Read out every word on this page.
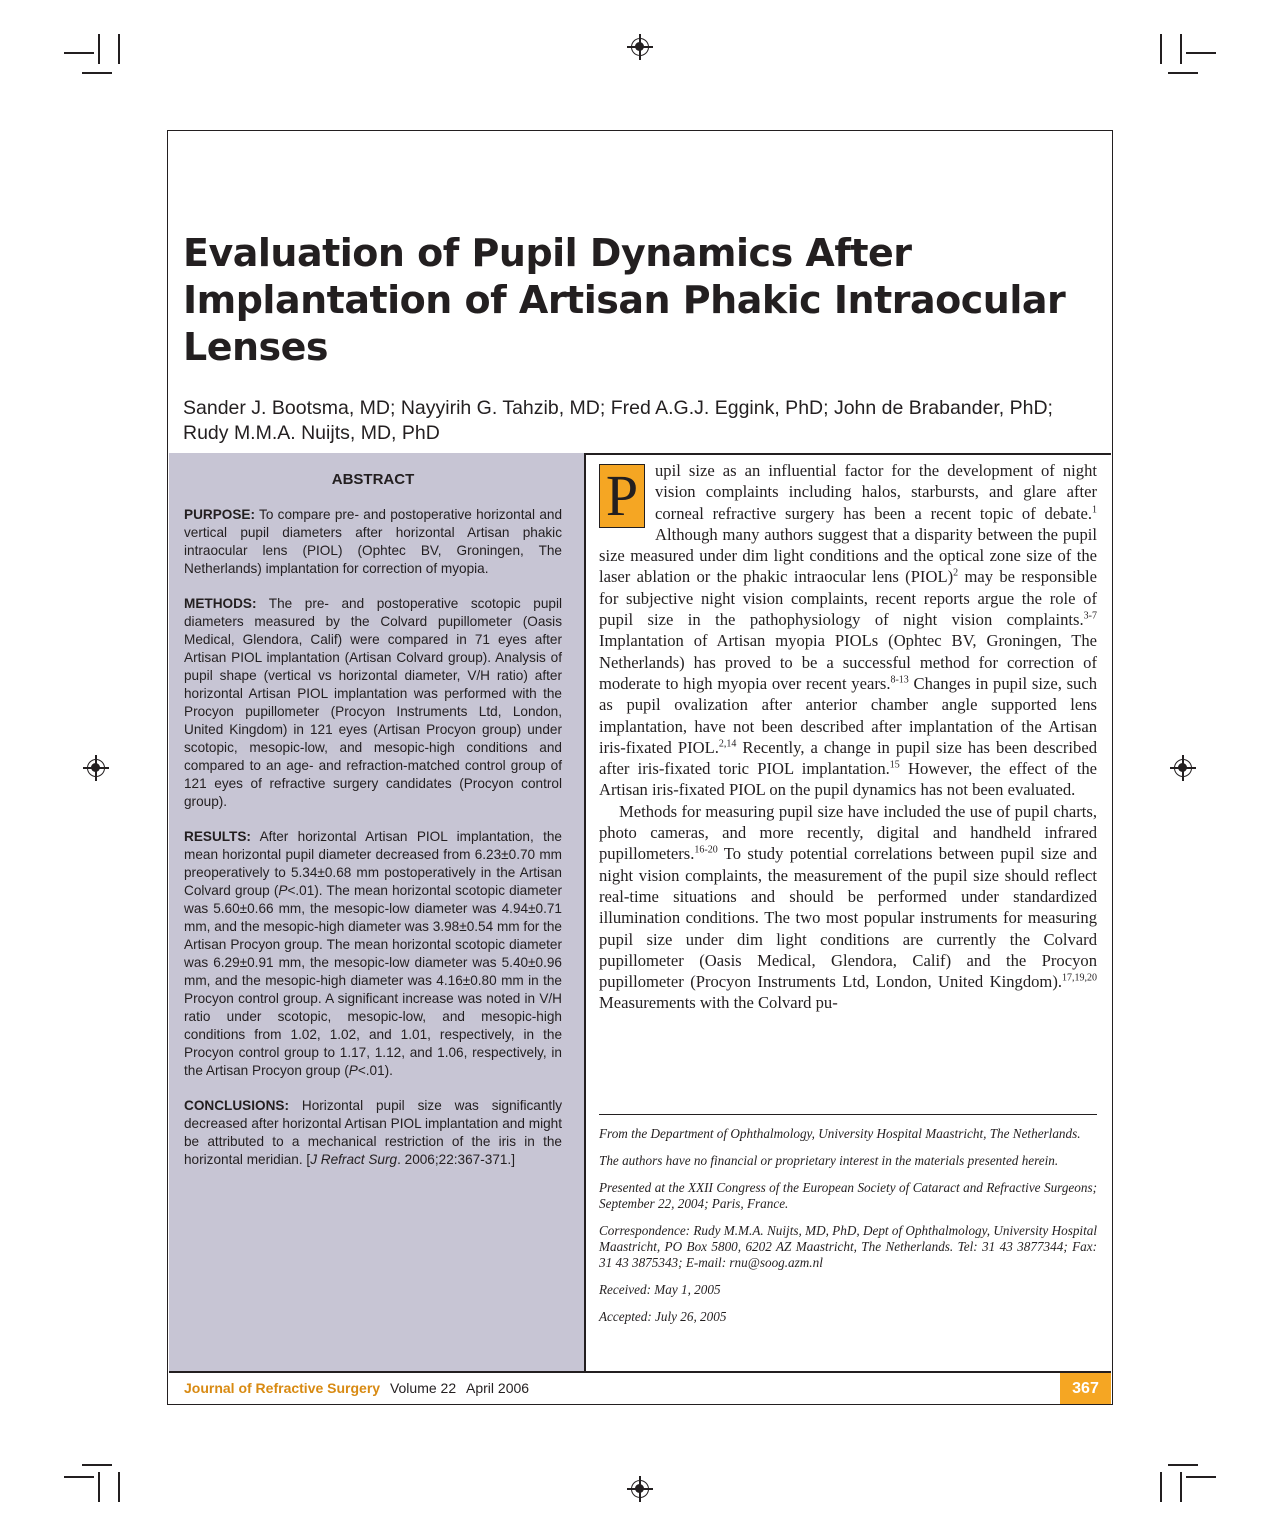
Evaluation of Pupil Dynamics After Implantation of Artisan Phakic Intraocular Lenses

Sander J. Bootsma, MD; Nayyirih G. Tahzib, MD; Fred A.G.J. Eggink, PhD; John de Brabander, PhD;
Rudy M.M.A. Nuijts, MD, PhD

ABSTRACT

PURPOSE: To compare pre- and postoperative horizontal and vertical pupil diameters after horizontal Artisan phakic intraocular lens (PIOL) (Ophtec BV, Groningen, The Netherlands) implantation for correction of myopia.

METHODS: The pre- and postoperative scotopic pupil diameters measured by the Colvard pupillometer (Oasis Medical, Glendora, Calif) were compared in 71 eyes after Artisan PIOL implantation (Artisan Colvard group). Analysis of pupil shape (vertical vs horizontal diameter, V/H ratio) after horizontal Artisan PIOL implantation was performed with the Procyon pupillometer (Procyon Instruments Ltd, London, United Kingdom) in 121 eyes (Artisan Procyon group) under scotopic, mesopic-low, and mesopic-high conditions and compared to an age- and refraction-matched control group of 121 eyes of refractive surgery candidates (Procyon control group).

RESULTS: After horizontal Artisan PIOL implantation, the mean horizontal pupil diameter decreased from 6.23±0.70 mm preoperatively to 5.34±0.68 mm postoperatively in the Artisan Colvard group (P<.01). The mean horizontal scotopic diameter was 5.60±0.66 mm, the mesopic-low diameter was 4.94±0.71 mm, and the mesopic-high diameter was 3.98±0.54 mm for the Artisan Procyon group. The mean horizontal scotopic diameter was 6.29±0.91 mm, the mesopic-low diameter was 5.40±0.96 mm, and the mesopic-high diameter was 4.16±0.80 mm in the Procyon control group. A significant increase was noted in V/H ratio under scotopic, mesopic-low, and mesopic-high conditions from 1.02, 1.02, and 1.01, respectively, in the Procyon control group to 1.17, 1.12, and 1.06, respectively, in the Artisan Procyon group (P<.01).

CONCLUSIONS: Horizontal pupil size was significantly decreased after horizontal Artisan PIOL implantation and might be attributed to a mechanical restriction of the iris in the horizontal meridian. [J Refract Surg. 2006;22:367-371.]

P	upil size as an influential factor for the development of night vision complaints including halos, starbursts, and glare after corneal refractive surgery has been a recent topic of debate.$^1$ Although many authors suggest that a disparity between the pupil size measured under dim light conditions and the optical zone size of the laser ablation or the phakic intraocular lens (PIOL)$^2$ may be responsible for subjective night vision complaints, recent reports argue the role of pupil size in the pathophysiology of night vision complaints.$^{3-7}$ Implantation of Artisan myopia PIOLs (Ophtec BV, Groningen, The Netherlands) has proved to be a successful method for correction of moderate to high myopia over recent years.$^{8-13}$ Changes in pupil size, such as pupil ovalization after anterior chamber angle supported lens implantation, have not been described after implantation of the Artisan iris-fixated PIOL.$^{2,14}$ Recently, a change in pupil size has been described after iris-fixated toric PIOL implantation.$^{15}$ However, the effect of the Artisan iris-fixated PIOL on the pupil dynamics has not been evaluated.

Methods for measuring pupil size have included the use of pupil charts, photo cameras, and more recently, digital and handheld infrared pupillometers.$^{16-20}$ To study potential correlations between pupil size and night vision complaints, the measurement of the pupil size should reflect real-time situations and should be performed under standardized illumination conditions. The two most popular instruments for measuring pupil size under dim light conditions are currently the Colvard pupillometer (Oasis Medical, Glendora, Calif) and the Procyon pupillometer (Procyon Instruments Ltd, London, United Kingdom).$^{17,19,20}$ Measurements with the Colvard pu-

From the Department of Ophthalmology, University Hospital Maastricht, The Netherlands.

The authors have no financial or proprietary interest in the materials presented herein.

Presented at the XXII Congress of the European Society of Cataract and Refractive Surgeons; September 22, 2004; Paris, France.

Correspondence: Rudy M.M.A. Nuijts, MD, PhD, Dept of Ophthalmology, University Hospital Maastricht, PO Box 5800, 6202 AZ Maastricht, The Netherlands. Tel: 31 43 3877344; Fax: 31 43 3875343; E-mail: rnu@soog.azm.nl

Received: May 1, 2005

Accepted: July 26, 2005

Journal of Refractive Surgery Volume 22 April 2006	367
